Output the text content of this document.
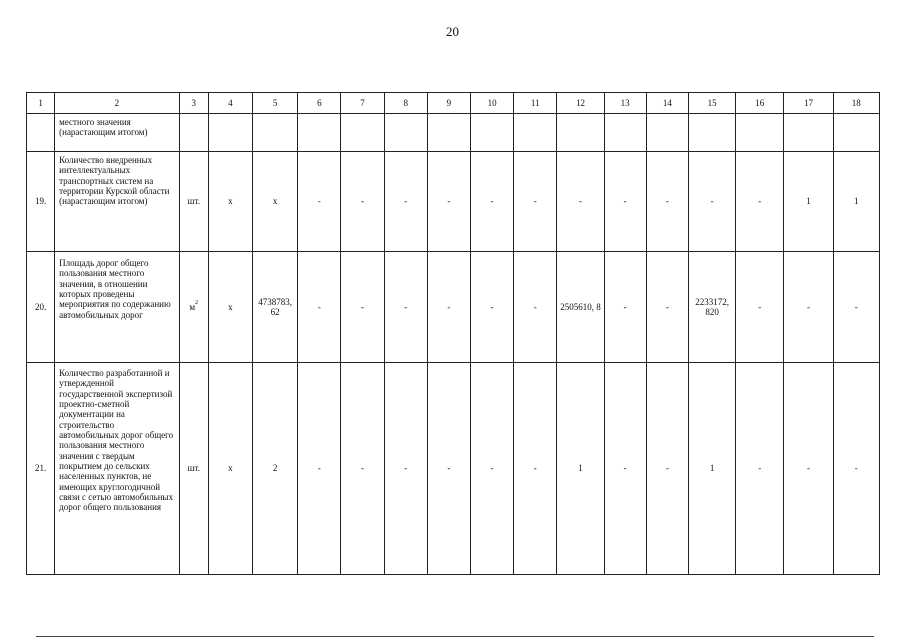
20
1	2	3	4	5	6	7	8	9	10	11	12	13	14	15	16	17	18
	местного значения (нарастающим итогом)																
19.	Количество внедренных интеллектуальных транспортных систем на территории Курской области (нарастающим итогом)	шт.	x	x	-	-	-	-	-	-	-	-	-	-	-	1	1
20.	Площадь дорог общего пользования местного значения, в отношении которых проведены мероприятия по содержанию автомобильных дорог	$м^2$	x	4738783, 62	-	-	-	-	-	-	2505610, 8	-	-	2233172, 820	-	-	-
21.	Количество разработанной и утвержденной государственной экспертизой проектно-сметной документации на строительство автомобильных дорог общего пользования местного значения с твердым покрытием до сельских населенных пунктов, не имеющих круглогодичной связи с сетью автомобильных дорог общего пользования	шт.	x	2	-	-	-	-	-	-	1	-	-	1	-	-	-
